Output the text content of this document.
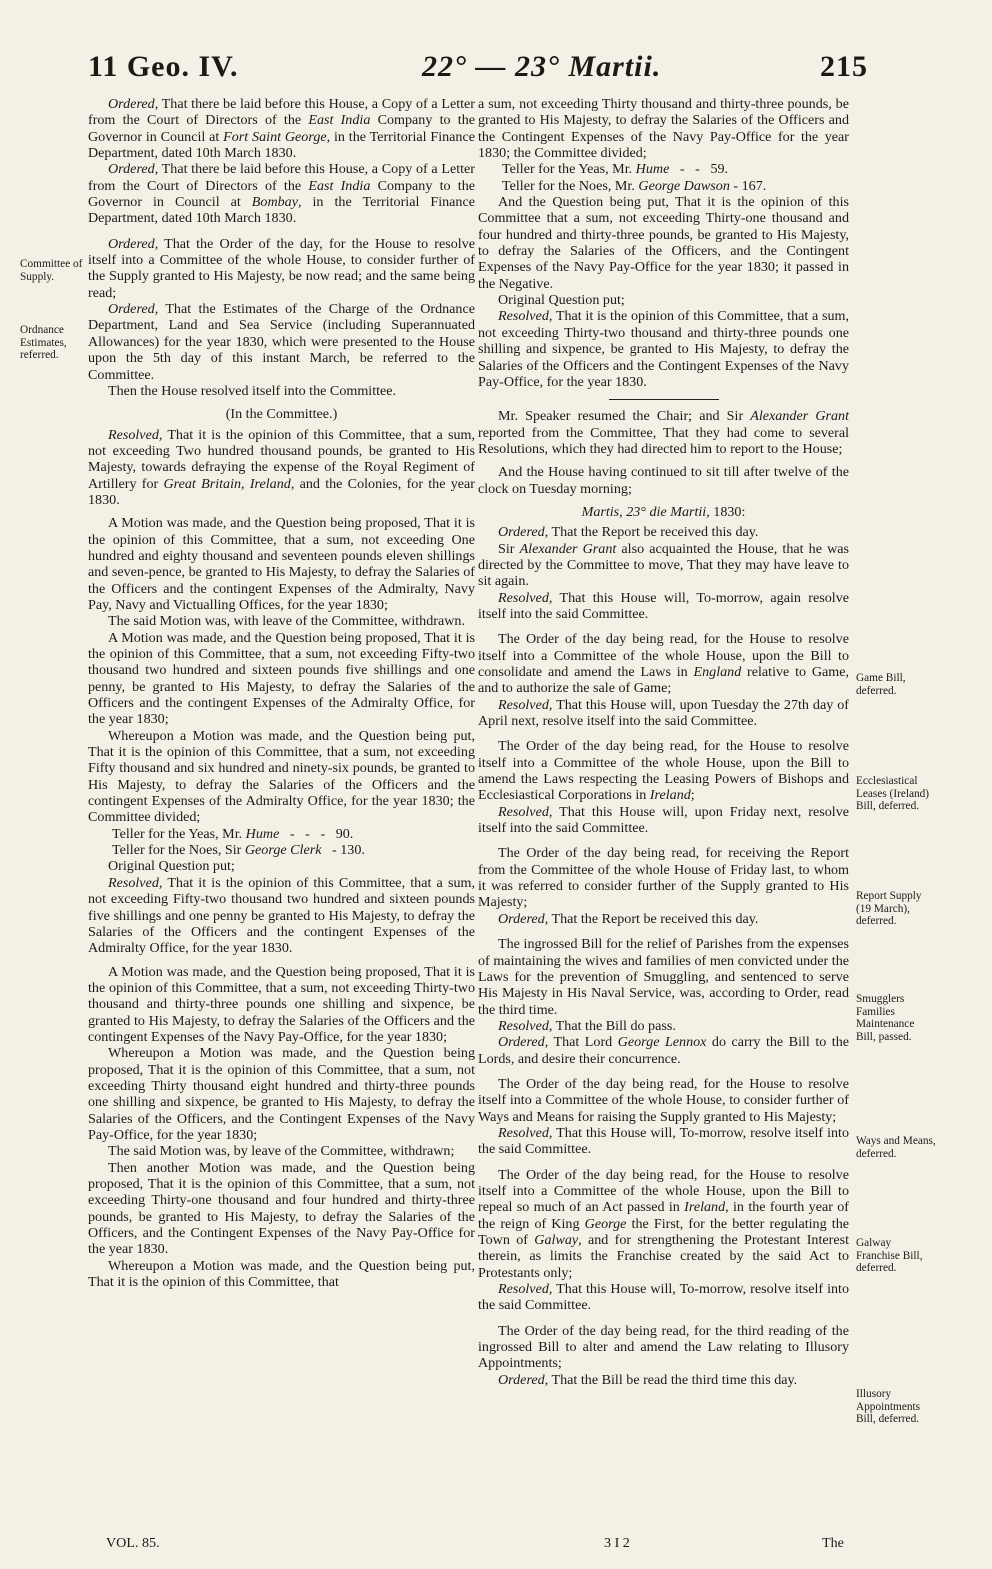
11 Geo. IV.	22° — 23° Martii.	215

Ordered, That there be laid before this House, a Copy of a Letter from the Court of Directors of the East India Company to the Governor in Council at Fort Saint George, in the Territorial Finance Department, dated 10th March 1830.

Ordered, That there be laid before this House, a Copy of a Letter from the Court of Directors of the East India Company to the Governor in Council at Bombay, in the Territorial Finance Department, dated 10th March 1830.

Ordered, That the Order of the day, for the House to resolve itself into a Committee of the whole House, to consider further of the Supply granted to His Majesty, be now read; and the same being read;

Ordered, That the Estimates of the Charge of the Ordnance Department, Land and Sea Service (including Superannuated Allowances) for the year 1830, which were presented to the House upon the 5th day of this instant March, be referred to the Committee.

Then the House resolved itself into the Committee.

(In the Committee.)

Resolved, That it is the opinion of this Committee, that a sum, not exceeding Two hundred thousand pounds, be granted to His Majesty, towards defraying the expense of the Royal Regiment of Artillery for Great Britain, Ireland, and the Colonies, for the year 1830.

A Motion was made, and the Question being proposed, That it is the opinion of this Committee, that a sum, not exceeding One hundred and eighty thousand and seventeen pounds eleven shillings and seven-pence, be granted to His Majesty, to defray the Salaries of the Officers and the contingent Expenses of the Admiralty, Navy Pay, Navy and Victualling Offices, for the year 1830;

The said Motion was, with leave of the Committee, withdrawn.

A Motion was made, and the Question being proposed, That it is the opinion of this Committee, that a sum, not exceeding Fifty-two thousand two hundred and sixteen pounds five shillings and one penny, be granted to His Majesty, to defray the Salaries of the Officers and the contingent Expenses of the Admiralty Office, for the year 1830;

Whereupon a Motion was made, and the Question being put, That it is the opinion of this Committee, that a sum, not exceeding Fifty thousand and six hundred and ninety-six pounds, be granted to His Majesty, to defray the Salaries of the Officers and the contingent Expenses of the Admiralty Office, for the year 1830; the Committee divided;

Teller for the Yeas, Mr. Hume   -   -   -   90.

Teller for the Noes, Sir George Clerk   - 130.

Original Question put;

Resolved, That it is the opinion of this Committee, that a sum, not exceeding Fifty-two thousand two hundred and sixteen pounds five shillings and one penny be granted to His Majesty, to defray the Salaries of the Officers and the contingent Expenses of the Admiralty Office, for the year 1830.

A Motion was made, and the Question being proposed, That it is the opinion of this Committee, that a sum, not exceeding Thirty-two thousand and thirty-three pounds one shilling and sixpence, be granted to His Majesty, to defray the Salaries of the Officers and the contingent Expenses of the Navy Pay-Office, for the year 1830;

Whereupon a Motion was made, and the Question being proposed, That it is the opinion of this Committee, that a sum, not exceeding Thirty thousand eight hundred and thirty-three pounds one shilling and sixpence, be granted to His Majesty, to defray the Salaries of the Officers, and the Contingent Expenses of the Navy Pay-Office, for the year 1830;

The said Motion was, by leave of the Committee, withdrawn;

Then another Motion was made, and the Question being proposed, That it is the opinion of this Committee, that a sum, not exceeding Thirty-one thousand and four hundred and thirty-three pounds, be granted to His Majesty, to defray the Salaries of the Officers, and the Contingent Expenses of the Navy Pay-Office for the year 1830.

Whereupon a Motion was made, and the Question being put, That it is the opinion of this Committee, that

a sum, not exceeding Thirty thousand and thirty-three pounds, be granted to His Majesty, to defray the Salaries of the Officers and the Contingent Expenses of the Navy Pay-Office for the year 1830; the Committee divided;

Teller for the Yeas, Mr. Hume   -   -   59.

Teller for the Noes, Mr. George Dawson - 167.

And the Question being put, That it is the opinion of this Committee that a sum, not exceeding Thirty-one thousand and four hundred and thirty-three pounds, be granted to His Majesty, to defray the Salaries of the Officers, and the Contingent Expenses of the Navy Pay-Office for the year 1830; it passed in the Negative.

Original Question put;

Resolved, That it is the opinion of this Committee, that a sum, not exceeding Thirty-two thousand and thirty-three pounds one shilling and sixpence, be granted to His Majesty, to defray the Salaries of the Officers and the Contingent Expenses of the Navy Pay-Office, for the year 1830.

Mr. Speaker resumed the Chair; and Sir Alexander Grant reported from the Committee, That they had come to several Resolutions, which they had directed him to report to the House;

And the House having continued to sit till after twelve of the clock on Tuesday morning;

Martis, 23° die Martii, 1830:

Ordered, That the Report be received this day.

Sir Alexander Grant also acquainted the House, that he was directed by the Committee to move, That they may have leave to sit again.

Resolved, That this House will, To-morrow, again resolve itself into the said Committee.

The Order of the day being read, for the House to resolve itself into a Committee of the whole House, upon the Bill to consolidate and amend the Laws in England relative to Game, and to authorize the sale of Game;

Resolved, That this House will, upon Tuesday the 27th day of April next, resolve itself into the said Committee.

The Order of the day being read, for the House to resolve itself into a Committee of the whole House, upon the Bill to amend the Laws respecting the Leasing Powers of Bishops and Ecclesiastical Corporations in Ireland;

Resolved, That this House will, upon Friday next, resolve itself into the said Committee.

The Order of the day being read, for receiving the Report from the Committee of the whole House of Friday last, to whom it was referred to consider further of the Supply granted to His Majesty;

Ordered, That the Report be received this day.

The ingrossed Bill for the relief of Parishes from the expenses of maintaining the wives and families of men convicted under the Laws for the prevention of Smuggling, and sentenced to serve His Majesty in His Naval Service, was, according to Order, read the third time.

Resolved, That the Bill do pass.

Ordered, That Lord George Lennox do carry the Bill to the Lords, and desire their concurrence.

The Order of the day being read, for the House to resolve itself into a Committee of the whole House, to consider further of Ways and Means for raising the Supply granted to His Majesty;

Resolved, That this House will, To-morrow, resolve itself into the said Committee.

The Order of the day being read, for the House to resolve itself into a Committee of the whole House, upon the Bill to repeal so much of an Act passed in Ireland, in the fourth year of the reign of King George the First, for the better regulating the Town of Galway, and for strengthening the Protestant Interest therein, as limits the Franchise created by the said Act to Protestants only;

Resolved, That this House will, To-morrow, resolve itself into the said Committee.

The Order of the day being read, for the third reading of the ingrossed Bill to alter and amend the Law relating to Illusory Appointments;

Ordered, That the Bill be read the third time this day.

Committee of Supply.
Ordnance Estimates, referred.
Game Bill, deferred.
Ecclesiastical Leases (Ireland) Bill, deferred.
Report Supply (19 March), deferred.
Smugglers Families Maintenance Bill, passed.
Ways and Means, deferred.
Galway Franchise Bill, deferred.
Illusory Appointments Bill, deferred.
VOL. 85.	3 I 2	The
